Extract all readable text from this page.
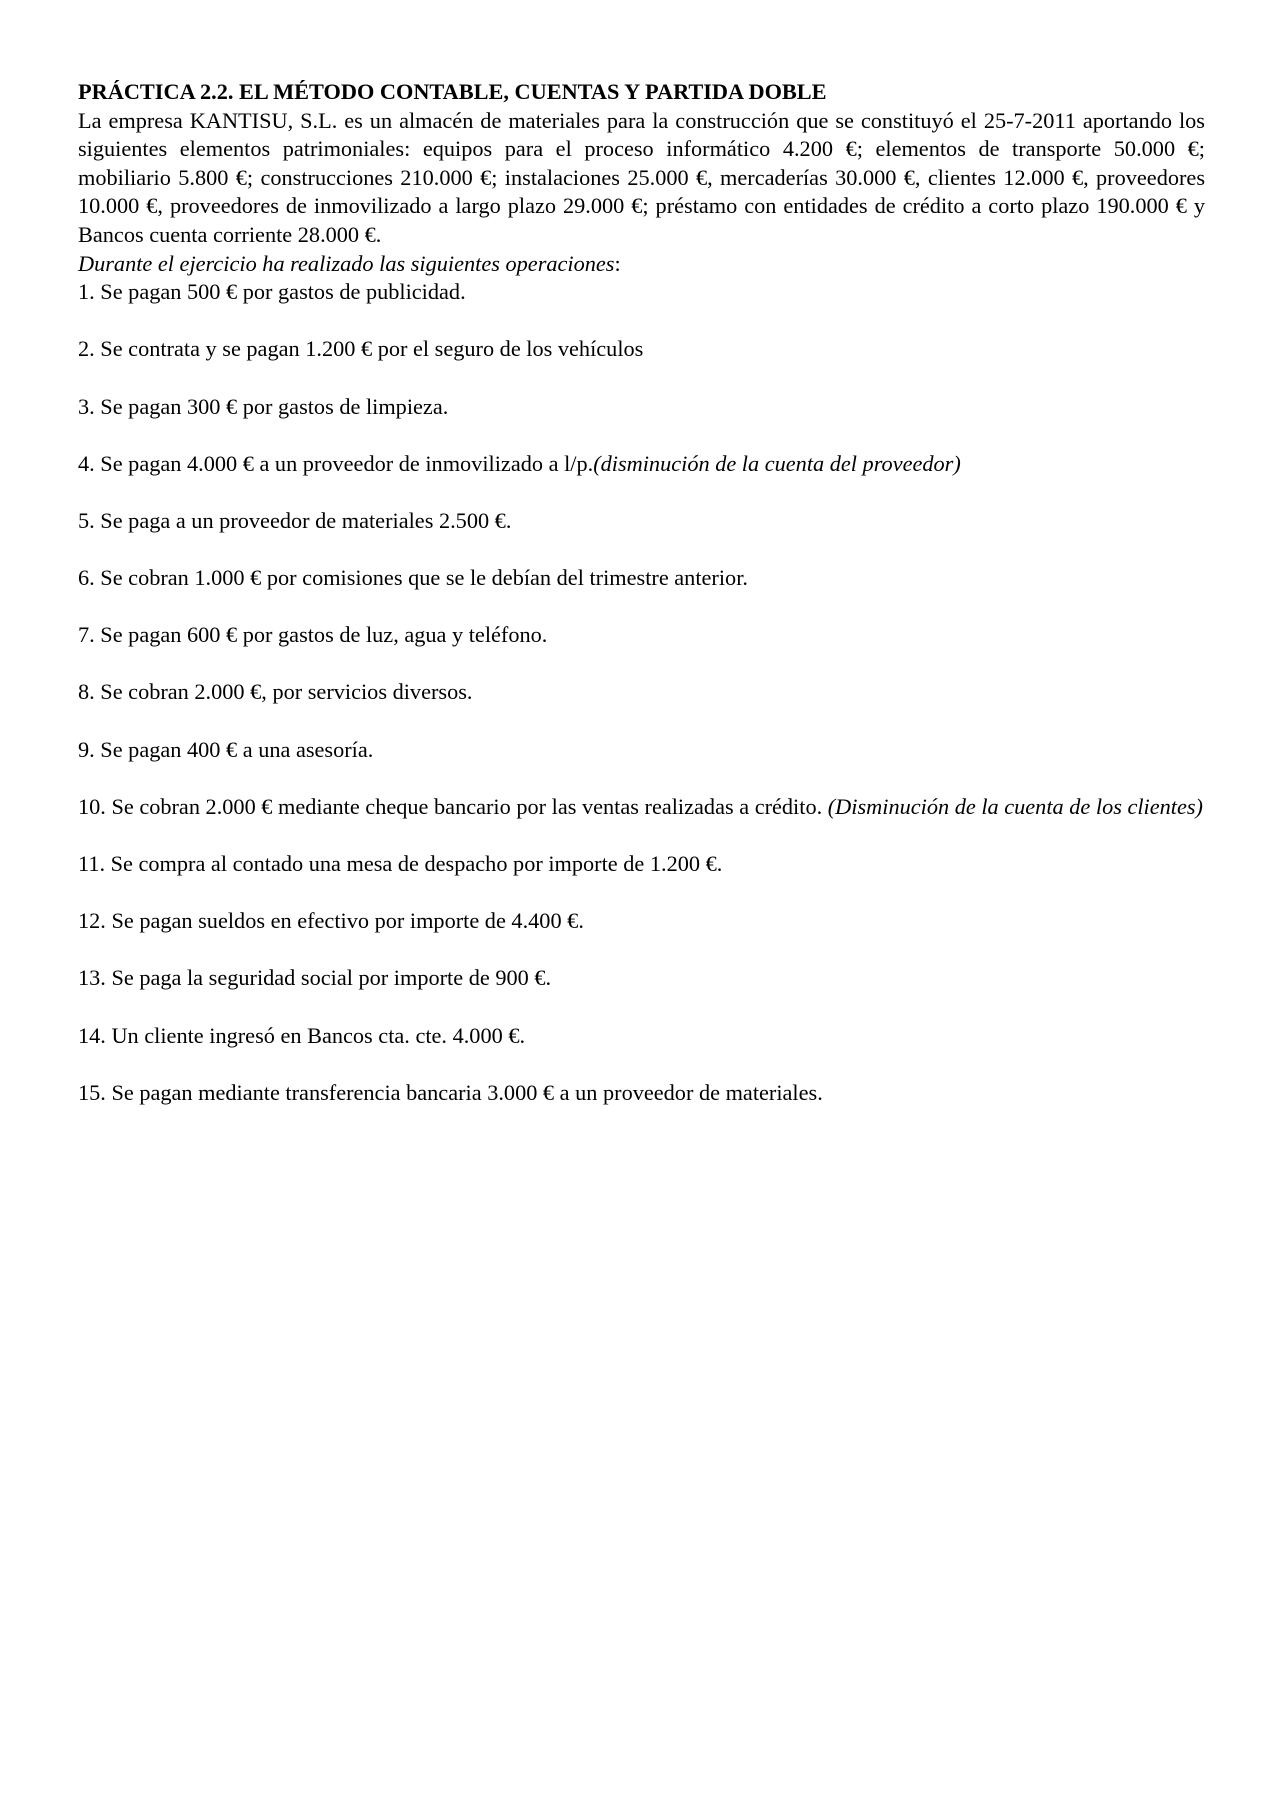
PRÁCTICA 2.2. EL MÉTODO CONTABLE, CUENTAS Y PARTIDA DOBLE

La empresa KANTISU, S.L. es un almacén de materiales para la construcción que se constituyó el 25-7-2011 aportando los siguientes elementos patrimoniales: equipos para el proceso informático 4.200 €; elementos de transporte 50.000 €; mobiliario 5.800 €; construcciones 210.000 €; instalaciones 25.000 €, mercaderías 30.000 €, clientes 12.000 €, proveedores 10.000 €, proveedores de inmovilizado a largo plazo 29.000 €; préstamo con entidades de crédito a corto plazo 190.000 € y Bancos cuenta corriente 28.000 €.

Durante el ejercicio ha realizado las siguientes operaciones:

1. Se pagan 500 € por gastos de publicidad.
2. Se contrata y se pagan 1.200 € por el seguro de los vehículos
3. Se pagan 300 € por gastos de limpieza.
4. Se pagan 4.000 € a un proveedor de inmovilizado a l/p.(disminución de la cuenta del proveedor)
5. Se paga a un proveedor de materiales 2.500 €.
6. Se cobran 1.000 € por comisiones que se le debían del trimestre anterior.
7. Se pagan 600 € por gastos de luz, agua y teléfono.
8. Se cobran 2.000 €, por servicios diversos.
9. Se pagan 400 € a una asesoría.
10. Se cobran 2.000 € mediante cheque bancario por las ventas realizadas a crédito. (Disminución de la cuenta de los clientes)
11. Se compra al contado una mesa de despacho por importe de 1.200 €.
12. Se pagan sueldos en efectivo por importe de 4.400 €.
13. Se paga la seguridad social por importe de 900 €.
14. Un cliente ingresó en Bancos cta. cte. 4.000 €.
15. Se pagan mediante transferencia bancaria 3.000 € a un proveedor de materiales.
